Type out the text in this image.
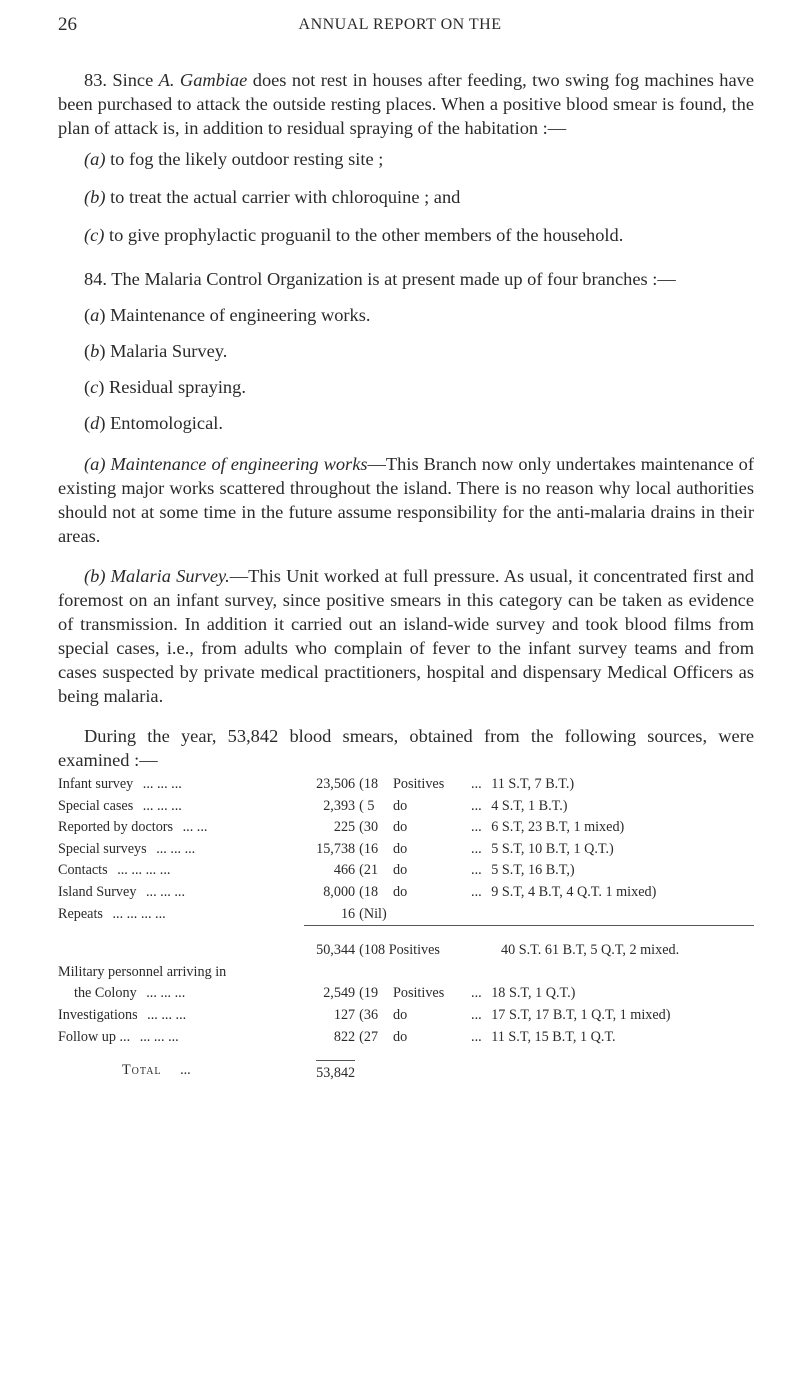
26	ANNUAL REPORT ON THE

83. Since A. Gambiae does not rest in houses after feeding, two swing fog machines have been purchased to attack the outside resting places. When a positive blood smear is found, the plan of attack is, in addition to residual spraying of the habitation :—

(a) to fog the likely outdoor resting site ;

(b) to treat the actual carrier with chloroquine ; and

(c) to give prophylactic proguanil to the other members of the household.

84. The Malaria Control Organization is at present made up of four branches :—

(a) Maintenance of engineering works.

(b) Malaria Survey.

(c) Residual spraying.

(d) Entomological.

(a) Maintenance of engineering works—This Branch now only undertakes maintenance of existing major works scattered throughout the island. There is no reason why local authorities should not at some time in the future assume responsibility for the anti-malaria drains in their areas.

(b) Malaria Survey.—This Unit worked at full pressure. As usual, it concentrated first and foremost on an infant survey, since positive smears in this category can be taken as evidence of transmission. In addition it carried out an island-wide survey and took blood films from special cases, i.e., from adults who complain of fever to the infant survey teams and from cases suspected by private medical practitioners, hospital and dispensary Medical Officers as being malaria.

During the year, 53,842 blood smears, obtained from the following sources, were examined :—

Infant survey ... ... ...	23,506	(18	Positives	... 11 S.T, 7 B.T.)
Special cases ... ... ...	2,393	( 5	do	... 4 S.T, 1 B.T.)
Reported by doctors ... ...	225	(30	do	... 6 S.T, 23 B.T, 1 mixed)
Special surveys ... ... ...	15,738	(16	do	... 5 S.T, 10 B.T, 1 Q.T.)
Contacts ... ... ... ...	466	(21	do	... 5 S.T, 16 B.T,)
Island Survey ... ... ...	8,000	(18	do	... 9 S.T, 4 B.T, 4 Q.T. 1 mixed)
Repeats ... ... ... ...	16	(Nil)		

	50,344	(108 Positives		40 S.T. 61 B.T, 5 Q.T, 2 mixed.
Military personnel arriving in
the Colony ... ... ...	2,549	(19	Positives	... 18 S.T, 1 Q.T.)
Investigations ... ... ...	127	(36	do	... 17 S.T, 17 B.T, 1 Q.T, 1 mixed)
Follow up ... ... ... ...	822	(27	do	... 11 S.T, 15 B.T, 1 Q.T.

Total ...	53,842			
